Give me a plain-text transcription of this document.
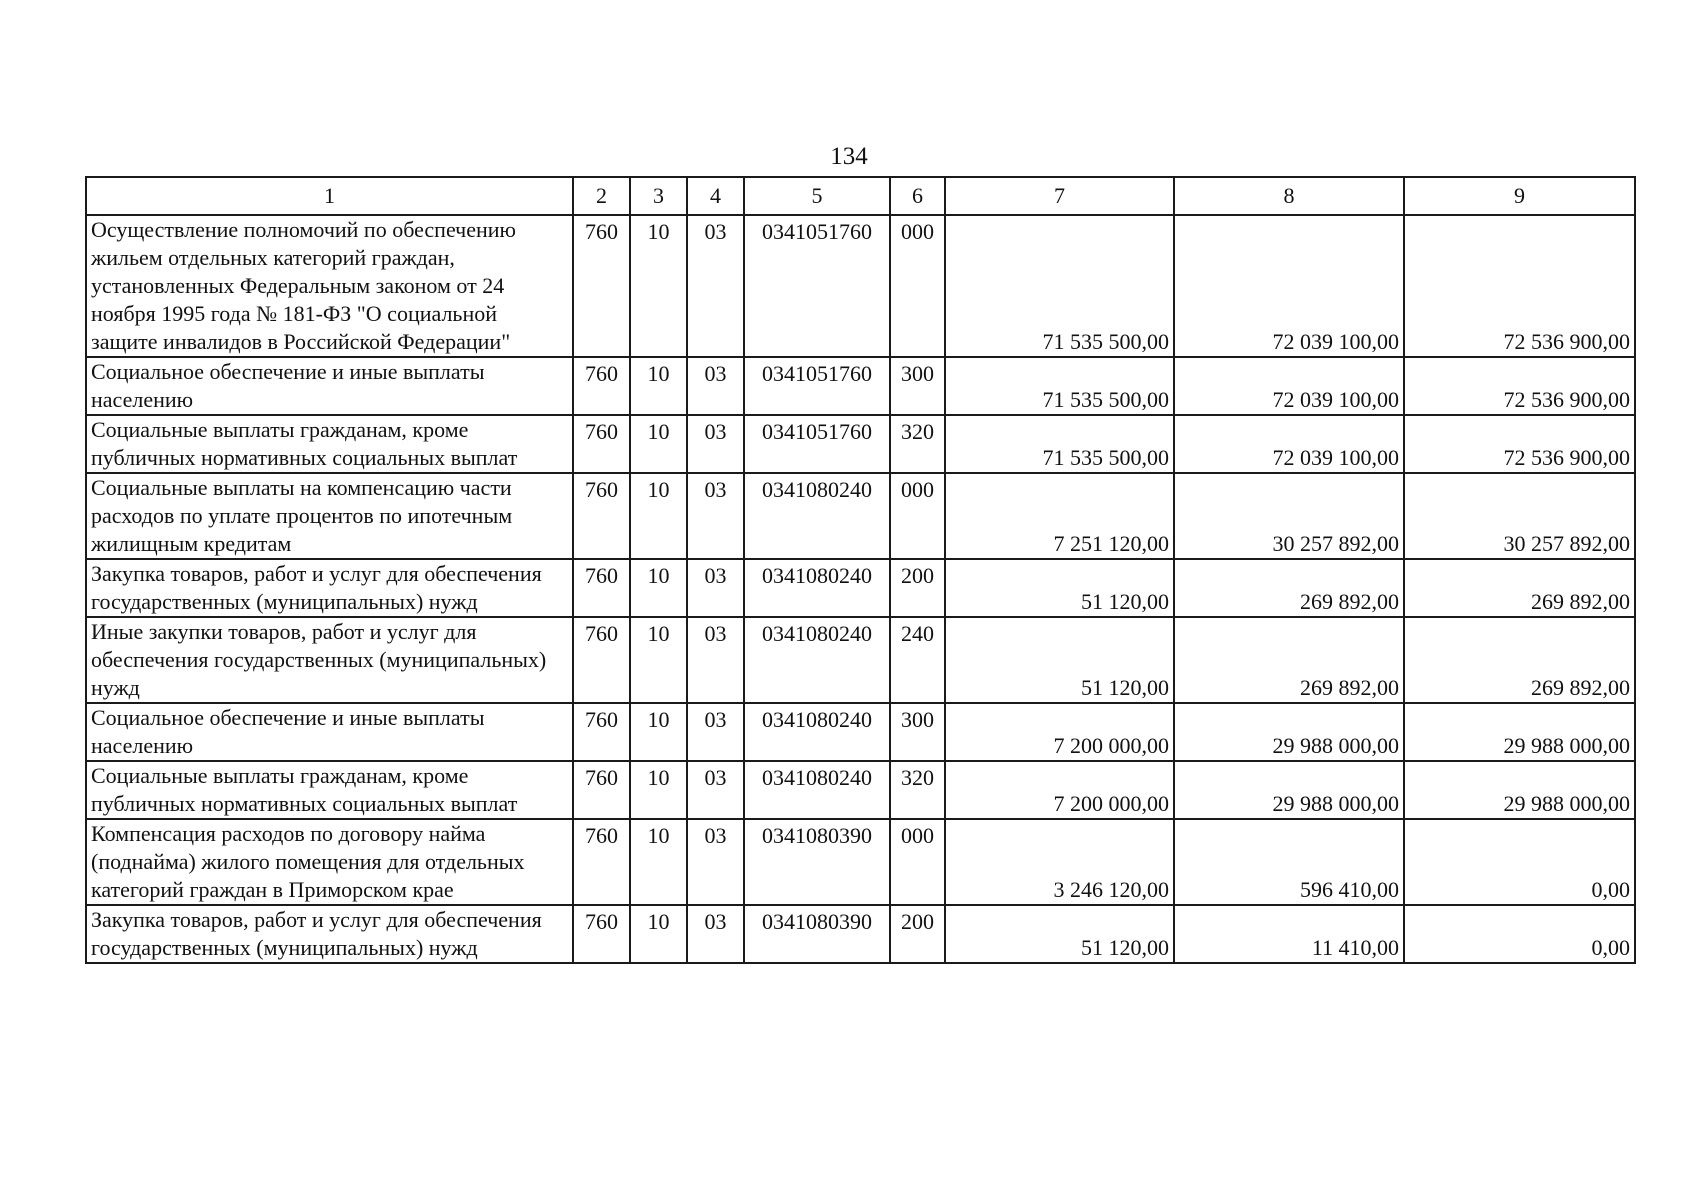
134
1	2	3	4	5	6	7	8	9
Осуществление полномочий по обеспечению жильем отдельных категорий граждан, установленных Федеральным законом от 24 ноября 1995 года № 181-ФЗ "О социальной защите инвалидов в Российской Федерации"	760	10	03	0341051760	000	71 535 500,00	72 039 100,00	72 536 900,00
Социальное обеспечение и иные выплаты населению	760	10	03	0341051760	300	71 535 500,00	72 039 100,00	72 536 900,00
Социальные выплаты гражданам, кроме публичных нормативных социальных выплат	760	10	03	0341051760	320	71 535 500,00	72 039 100,00	72 536 900,00
Социальные выплаты на компенсацию части расходов по уплате процентов по ипотечным жилищным кредитам	760	10	03	0341080240	000	7 251 120,00	30 257 892,00	30 257 892,00
Закупка товаров, работ и услуг для обеспечения государственных (муниципальных) нужд	760	10	03	0341080240	200	51 120,00	269 892,00	269 892,00
Иные закупки товаров, работ и услуг для обеспечения государственных (муниципальных) нужд	760	10	03	0341080240	240	51 120,00	269 892,00	269 892,00
Социальное обеспечение и иные выплаты населению	760	10	03	0341080240	300	7 200 000,00	29 988 000,00	29 988 000,00
Социальные выплаты гражданам, кроме публичных нормативных социальных выплат	760	10	03	0341080240	320	7 200 000,00	29 988 000,00	29 988 000,00
Компенсация расходов по договору найма (поднайма) жилого помещения для отдельных категорий граждан в Приморском крае	760	10	03	0341080390	000	3 246 120,00	596 410,00	0,00
Закупка товаров, работ и услуг для обеспечения государственных (муниципальных) нужд	760	10	03	0341080390	200	51 120,00	11 410,00	0,00
